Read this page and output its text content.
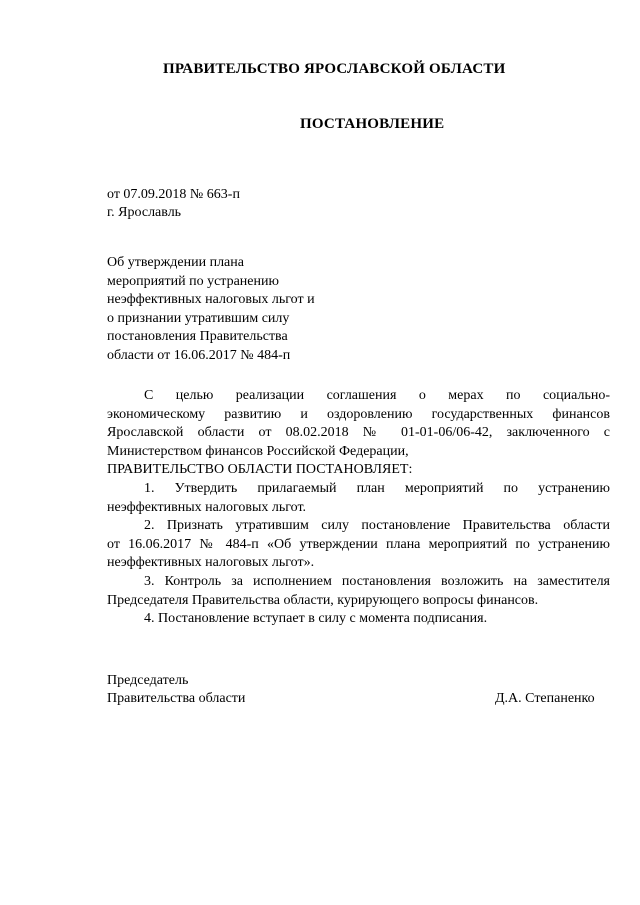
ПРАВИТЕЛЬСТВО ЯРОСЛАВСКОЙ ОБЛАСТИ
ПОСТАНОВЛЕНИЕ
от 07.09.2018 № 663-п
г. Ярославль
Об утверждении плана
мероприятий по устранению
неэффективных налоговых льгот и
о признании утратившим силу
постановления Правительства
области от 16.06.2017 № 484-п
С целью реализации соглашения о мерах по социально-
экономическому развитию и оздоровлению государственных финансов
Ярославской области от 08.02.2018 № 01-01-06/06-42, заключенного с
Министерством финансов Российской Федерации,
ПРАВИТЕЛЬСТВО ОБЛАСТИ ПОСТАНОВЛЯЕТ:
1. Утвердить прилагаемый план мероприятий по устранению
неэффективных налоговых льгот.
2. Признать утратившим силу постановление Правительства области
от 16.06.2017 № 484-п «Об утверждении плана мероприятий по устранению
неэффективных налоговых льгот».
3. Контроль за исполнением постановления возложить на заместителя
Председателя Правительства области, курирующего вопросы финансов.
4. Постановление вступает в силу с момента подписания.
Председатель
Правительства области	Д.А. Степаненко
